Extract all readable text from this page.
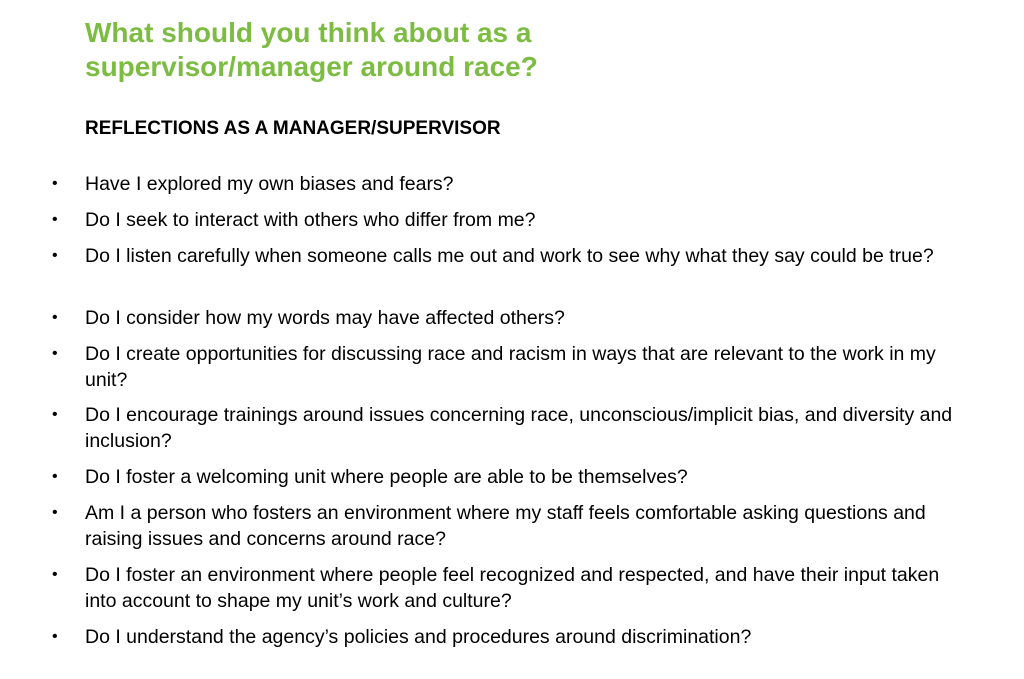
What should you think about as a
supervisor/manager around race?
REFLECTIONS AS A MANAGER/SUPERVISOR
• Have I explored my own biases and fears?
• Do I seek to interact with others who differ from me?
• Do I listen carefully when someone calls me out and work to see why what they say could be true?
• Do I consider how my words may have affected others?
• Do I create opportunities for discussing race and racism in ways that are relevant to the work in my unit?
• Do I encourage trainings around issues concerning race, unconscious/implicit bias, and diversity and inclusion?
• Do I foster a welcoming unit where people are able to be themselves?
• Am I a person who fosters an environment where my staff feels comfortable asking questions and raising issues and concerns around race?
• Do I foster an environment where people feel recognized and respected, and have their input taken into account to shape my unit’s work and culture?
• Do I understand the agency’s policies and procedures around discrimination?
